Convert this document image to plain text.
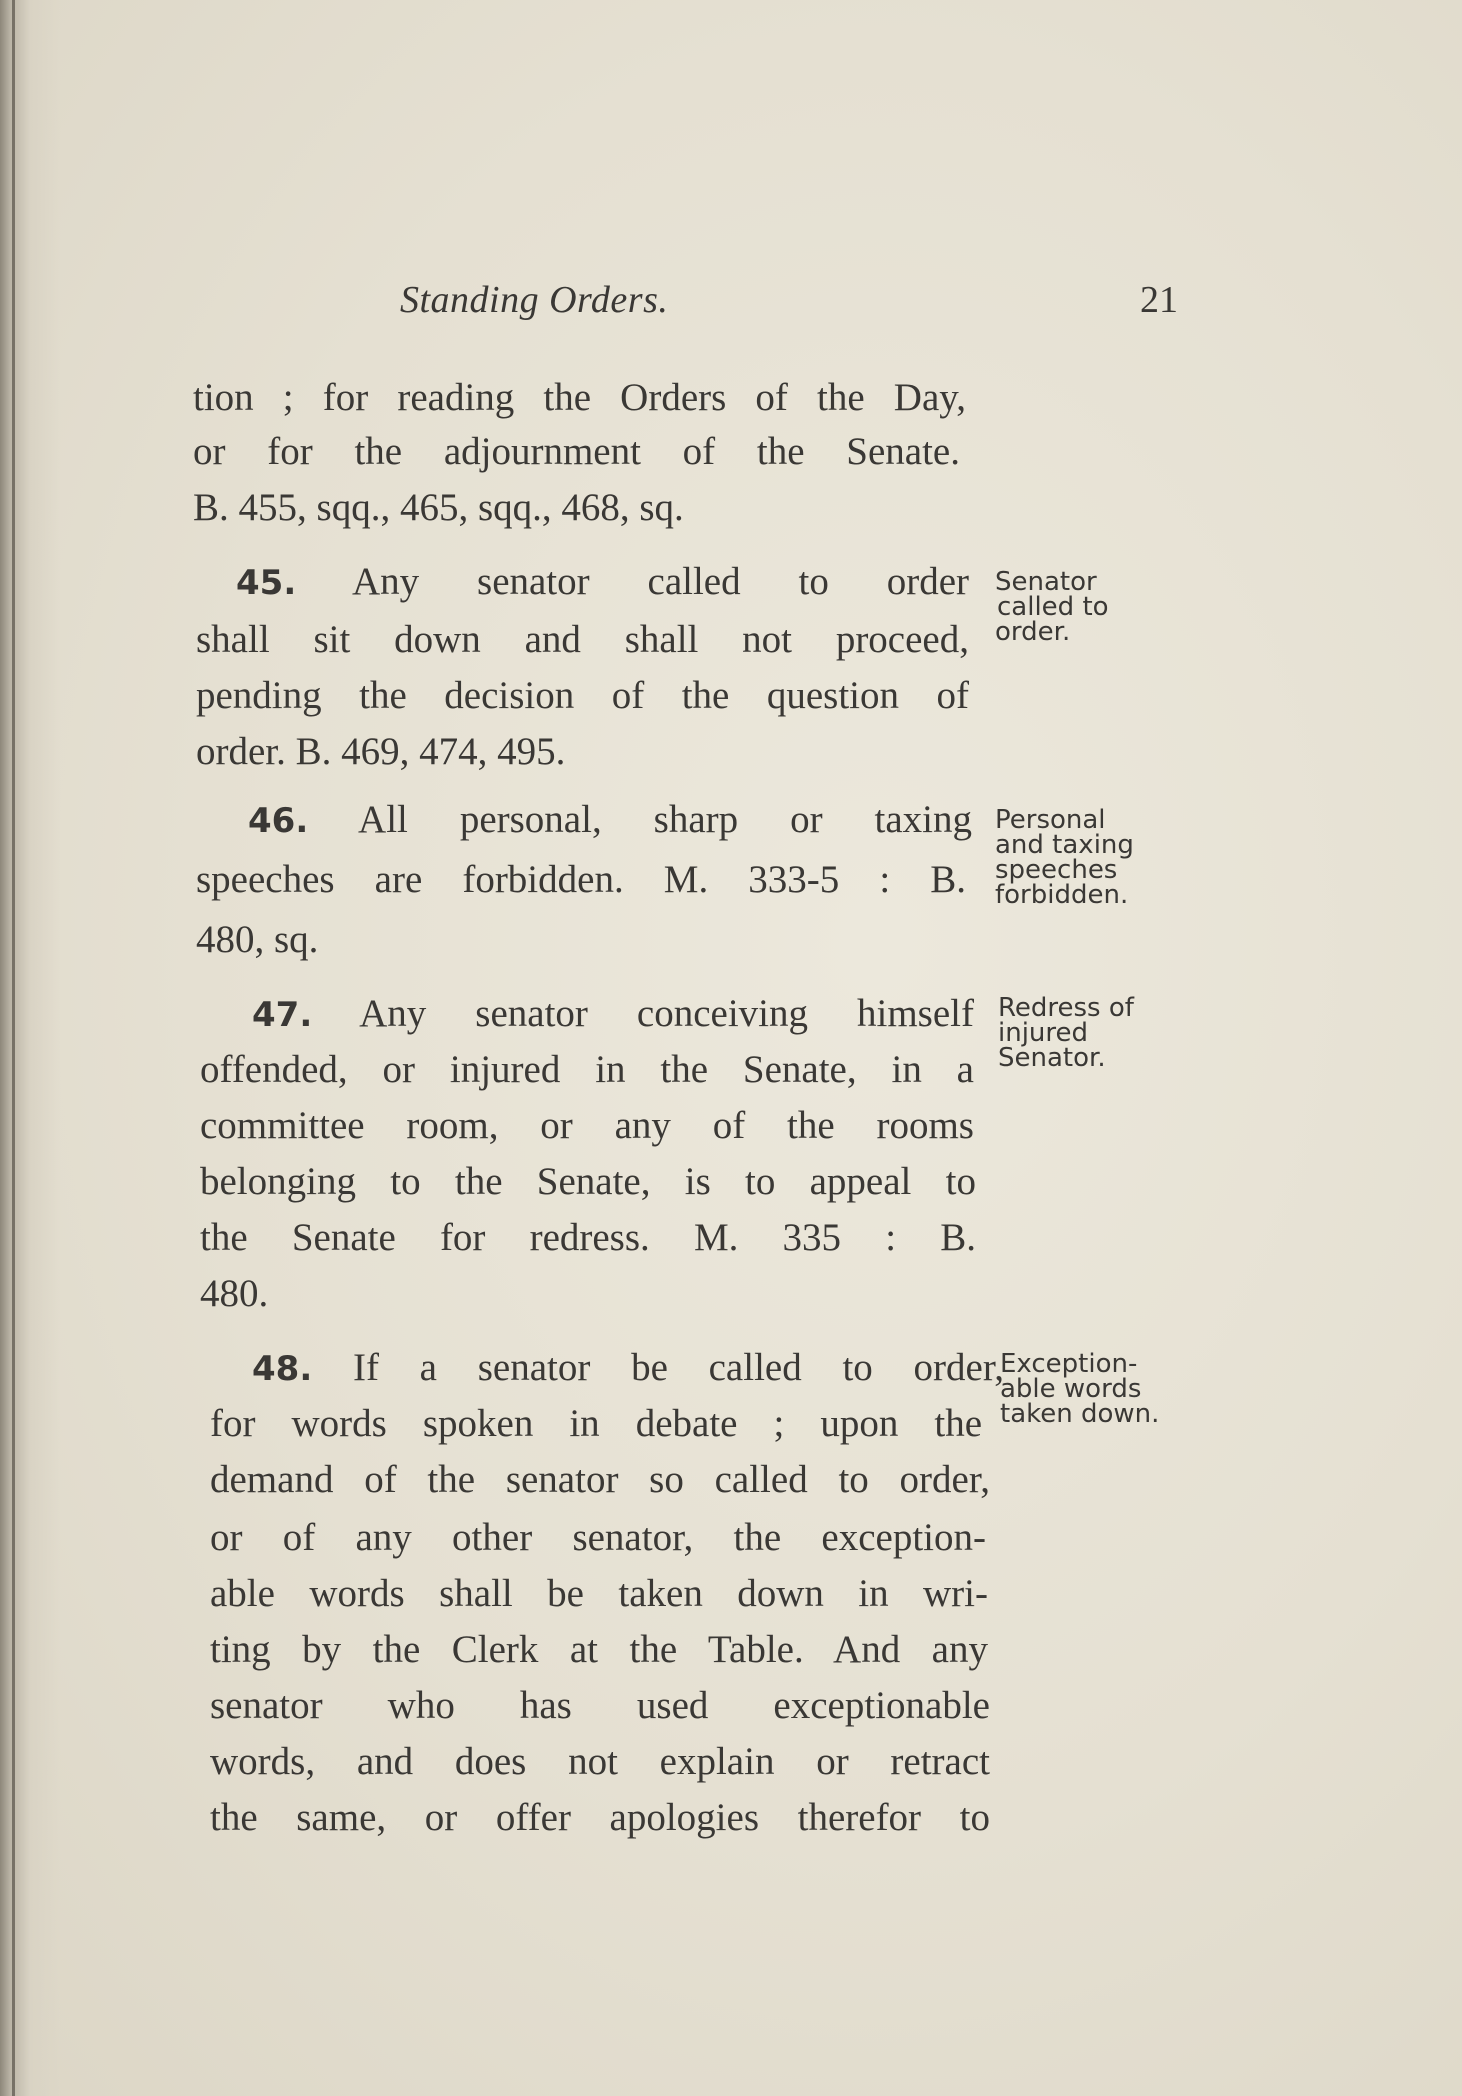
Standing Orders.	21
tion ; for reading the Orders of the Day,
or for the adjournment of the Senate.
B. 455, sqq., 465, sqq., 468, sq.
45. Any senator called to order
shall sit down and shall not proceed,
pending the decision of the question of
order. B. 469, 474, 495.
Senator
called to
order.
46. All personal, sharp or taxing
speeches are forbidden. M. 333-5 : B.
480, sq.
Personal
and taxing
speeches
forbidden.
47. Any senator conceiving himself
offended, or injured in the Senate, in a
committee room, or any of the rooms
belonging to the Senate, is to appeal to
the Senate for redress. M. 335 : B.
480.
Redress of
injured
Senator.
48. If a senator be called to order,
for words spoken in debate ; upon the
demand of the senator so called to order,
or of any other senator, the exception-
able words shall be taken down in wri-
ting by the Clerk at the Table. And any
senator who has used exceptionable
words, and does not explain or retract
the same, or offer apologies therefor to
Exception-
able words
taken down.
